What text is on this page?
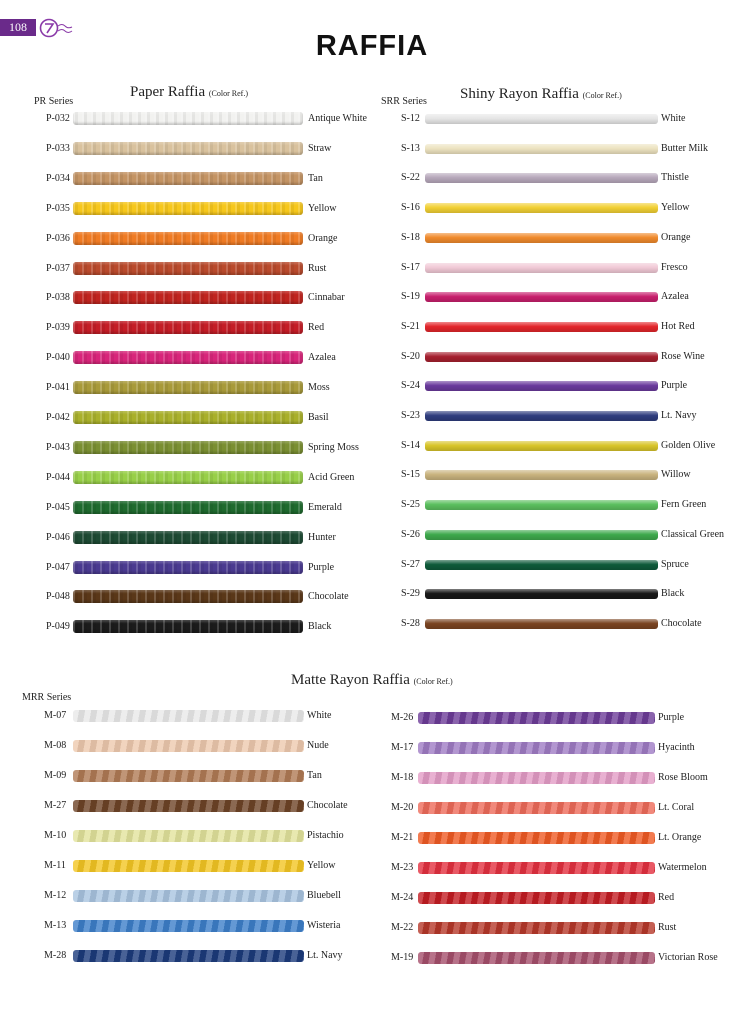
108
RAFFIA
Paper Raffia (Color Ref.)
PR Series
P-032	Antique White
P-033	Straw
P-034	Tan
P-035	Yellow
P-036	Orange
P-037	Rust
P-038	Cinnabar
P-039	Red
P-040	Azalea
P-041	Moss
P-042	Basil
P-043	Spring Moss
P-044	Acid Green
P-045	Emerald
P-046	Hunter
P-047	Purple
P-048	Chocolate
P-049	Black
Shiny Rayon Raffia (Color Ref.)
SRR Series
S-12	White
S-13	Butter Milk
S-22	Thistle
S-16	Yellow
S-18	Orange
S-17	Fresco
S-19	Azalea
S-21	Hot Red
S-20	Rose Wine
S-24	Purple
S-23	Lt. Navy
S-14	Golden Olive
S-15	Willow
S-25	Fern Green
S-26	Classical Green
S-27	Spruce
S-29	Black
S-28	Chocolate
Matte Rayon Raffia (Color Ref.)
MRR Series
M-07	White
M-08	Nude
M-09	Tan
M-27	Chocolate
M-10	Pistachio
M-11	Yellow
M-12	Bluebell
M-13	Wisteria
M-28	Lt. Navy
M-26	Purple
M-17	Hyacinth
M-18	Rose Bloom
M-20	Lt. Coral
M-21	Lt. Orange
M-23	Watermelon
M-24	Red
M-22	Rust
M-19	Victorian Rose
